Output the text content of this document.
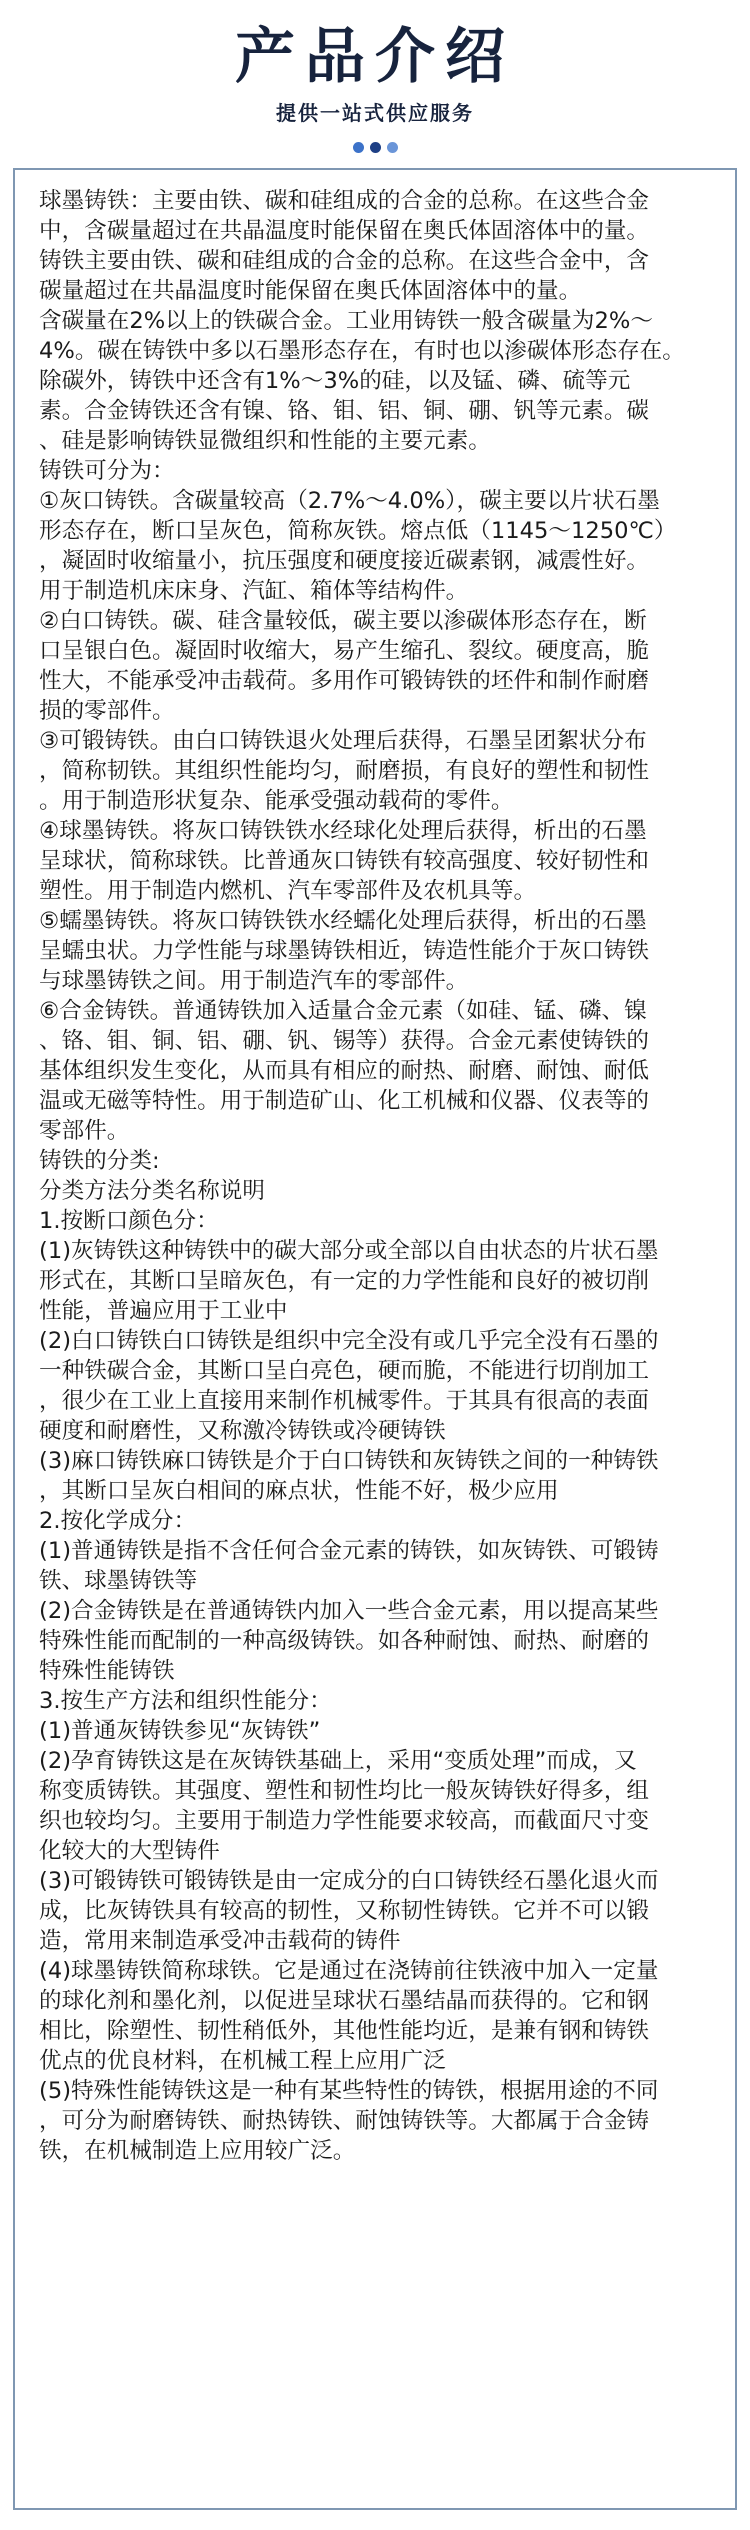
产品介绍
提供一站式供应服务

球墨铸铁：主要由铁、碳和硅组成的合金的总称。在这些合金
中，含碳量超过在共晶温度时能保留在奥氏体固溶体中的量。
铸铁主要由铁、碳和硅组成的合金的总称。在这些合金中，含
碳量超过在共晶温度时能保留在奥氏体固溶体中的量。
含碳量在2%以上的铁碳合金。工业用铸铁一般含碳量为2%～
4%。碳在铸铁中多以石墨形态存在，有时也以渗碳体形态存在。
除碳外，铸铁中还含有1%～3%的硅，以及锰、磷、硫等元
素。合金铸铁还含有镍、铬、钼、铝、铜、硼、钒等元素。碳
、硅是影响铸铁显微组织和性能的主要元素。
铸铁可分为：
①灰口铸铁。含碳量较高（2.7%～4.0%），碳主要以片状石墨
形态存在，断口呈灰色，简称灰铁。熔点低（1145～1250℃）
，凝固时收缩量小，抗压强度和硬度接近碳素钢，减震性好。
用于制造机床床身、汽缸、箱体等结构件。
②白口铸铁。碳、硅含量较低，碳主要以渗碳体形态存在，断
口呈银白色。凝固时收缩大，易产生缩孔、裂纹。硬度高，脆
性大，不能承受冲击载荷。多用作可锻铸铁的坯件和制作耐磨
损的零部件。
③可锻铸铁。由白口铸铁退火处理后获得，石墨呈团絮状分布
，简称韧铁。其组织性能均匀，耐磨损，有良好的塑性和韧性
。用于制造形状复杂、能承受强动载荷的零件。
④球墨铸铁。将灰口铸铁铁水经球化处理后获得，析出的石墨
呈球状，简称球铁。比普通灰口铸铁有较高强度、较好韧性和
塑性。用于制造内燃机、汽车零部件及农机具等。
⑤蠕墨铸铁。将灰口铸铁铁水经蠕化处理后获得，析出的石墨
呈蠕虫状。力学性能与球墨铸铁相近，铸造性能介于灰口铸铁
与球墨铸铁之间。用于制造汽车的零部件。
⑥合金铸铁。普通铸铁加入适量合金元素（如硅、锰、磷、镍
、铬、钼、铜、铝、硼、钒、锡等）获得。合金元素使铸铁的
基体组织发生变化，从而具有相应的耐热、耐磨、耐蚀、耐低
温或无磁等特性。用于制造矿山、化工机械和仪器、仪表等的
零部件。
铸铁的分类:
分类方法分类名称说明
1.按断口颜色分：
(1)灰铸铁这种铸铁中的碳大部分或全部以自由状态的片状石墨
形式在，其断口呈暗灰色，有一定的力学性能和良好的被切削
性能，普遍应用于工业中
(2)白口铸铁白口铸铁是组织中完全没有或几乎完全没有石墨的
一种铁碳合金，其断口呈白亮色，硬而脆，不能进行切削加工
，很少在工业上直接用来制作机械零件。于其具有很高的表面
硬度和耐磨性，又称激冷铸铁或冷硬铸铁
(3)麻口铸铁麻口铸铁是介于白口铸铁和灰铸铁之间的一种铸铁
，其断口呈灰白相间的麻点状，性能不好，极少应用
2.按化学成分：
(1)普通铸铁是指不含任何合金元素的铸铁，如灰铸铁、可锻铸
铁、球墨铸铁等
(2)合金铸铁是在普通铸铁内加入一些合金元素，用以提高某些
特殊性能而配制的一种高级铸铁。如各种耐蚀、耐热、耐磨的
特殊性能铸铁
3.按生产方法和组织性能分：
(1)普通灰铸铁参见“灰铸铁”
(2)孕育铸铁这是在灰铸铁基础上，采用“变质处理”而成，又
称变质铸铁。其强度、塑性和韧性均比一般灰铸铁好得多，组
织也较均匀。主要用于制造力学性能要求较高，而截面尺寸变
化较大的大型铸件
(3)可锻铸铁可锻铸铁是由一定成分的白口铸铁经石墨化退火而
成，比灰铸铁具有较高的韧性，又称韧性铸铁。它并不可以锻
造，常用来制造承受冲击载荷的铸件
(4)球墨铸铁简称球铁。它是通过在浇铸前往铁液中加入一定量
的球化剂和墨化剂，以促进呈球状石墨结晶而获得的。它和钢
相比，除塑性、韧性稍低外，其他性能均近，是兼有钢和铸铁
优点的优良材料，在机械工程上应用广泛
(5)特殊性能铸铁这是一种有某些特性的铸铁，根据用途的不同
，可分为耐磨铸铁、耐热铸铁、耐蚀铸铁等。大都属于合金铸
铁，在机械制造上应用较广泛。
